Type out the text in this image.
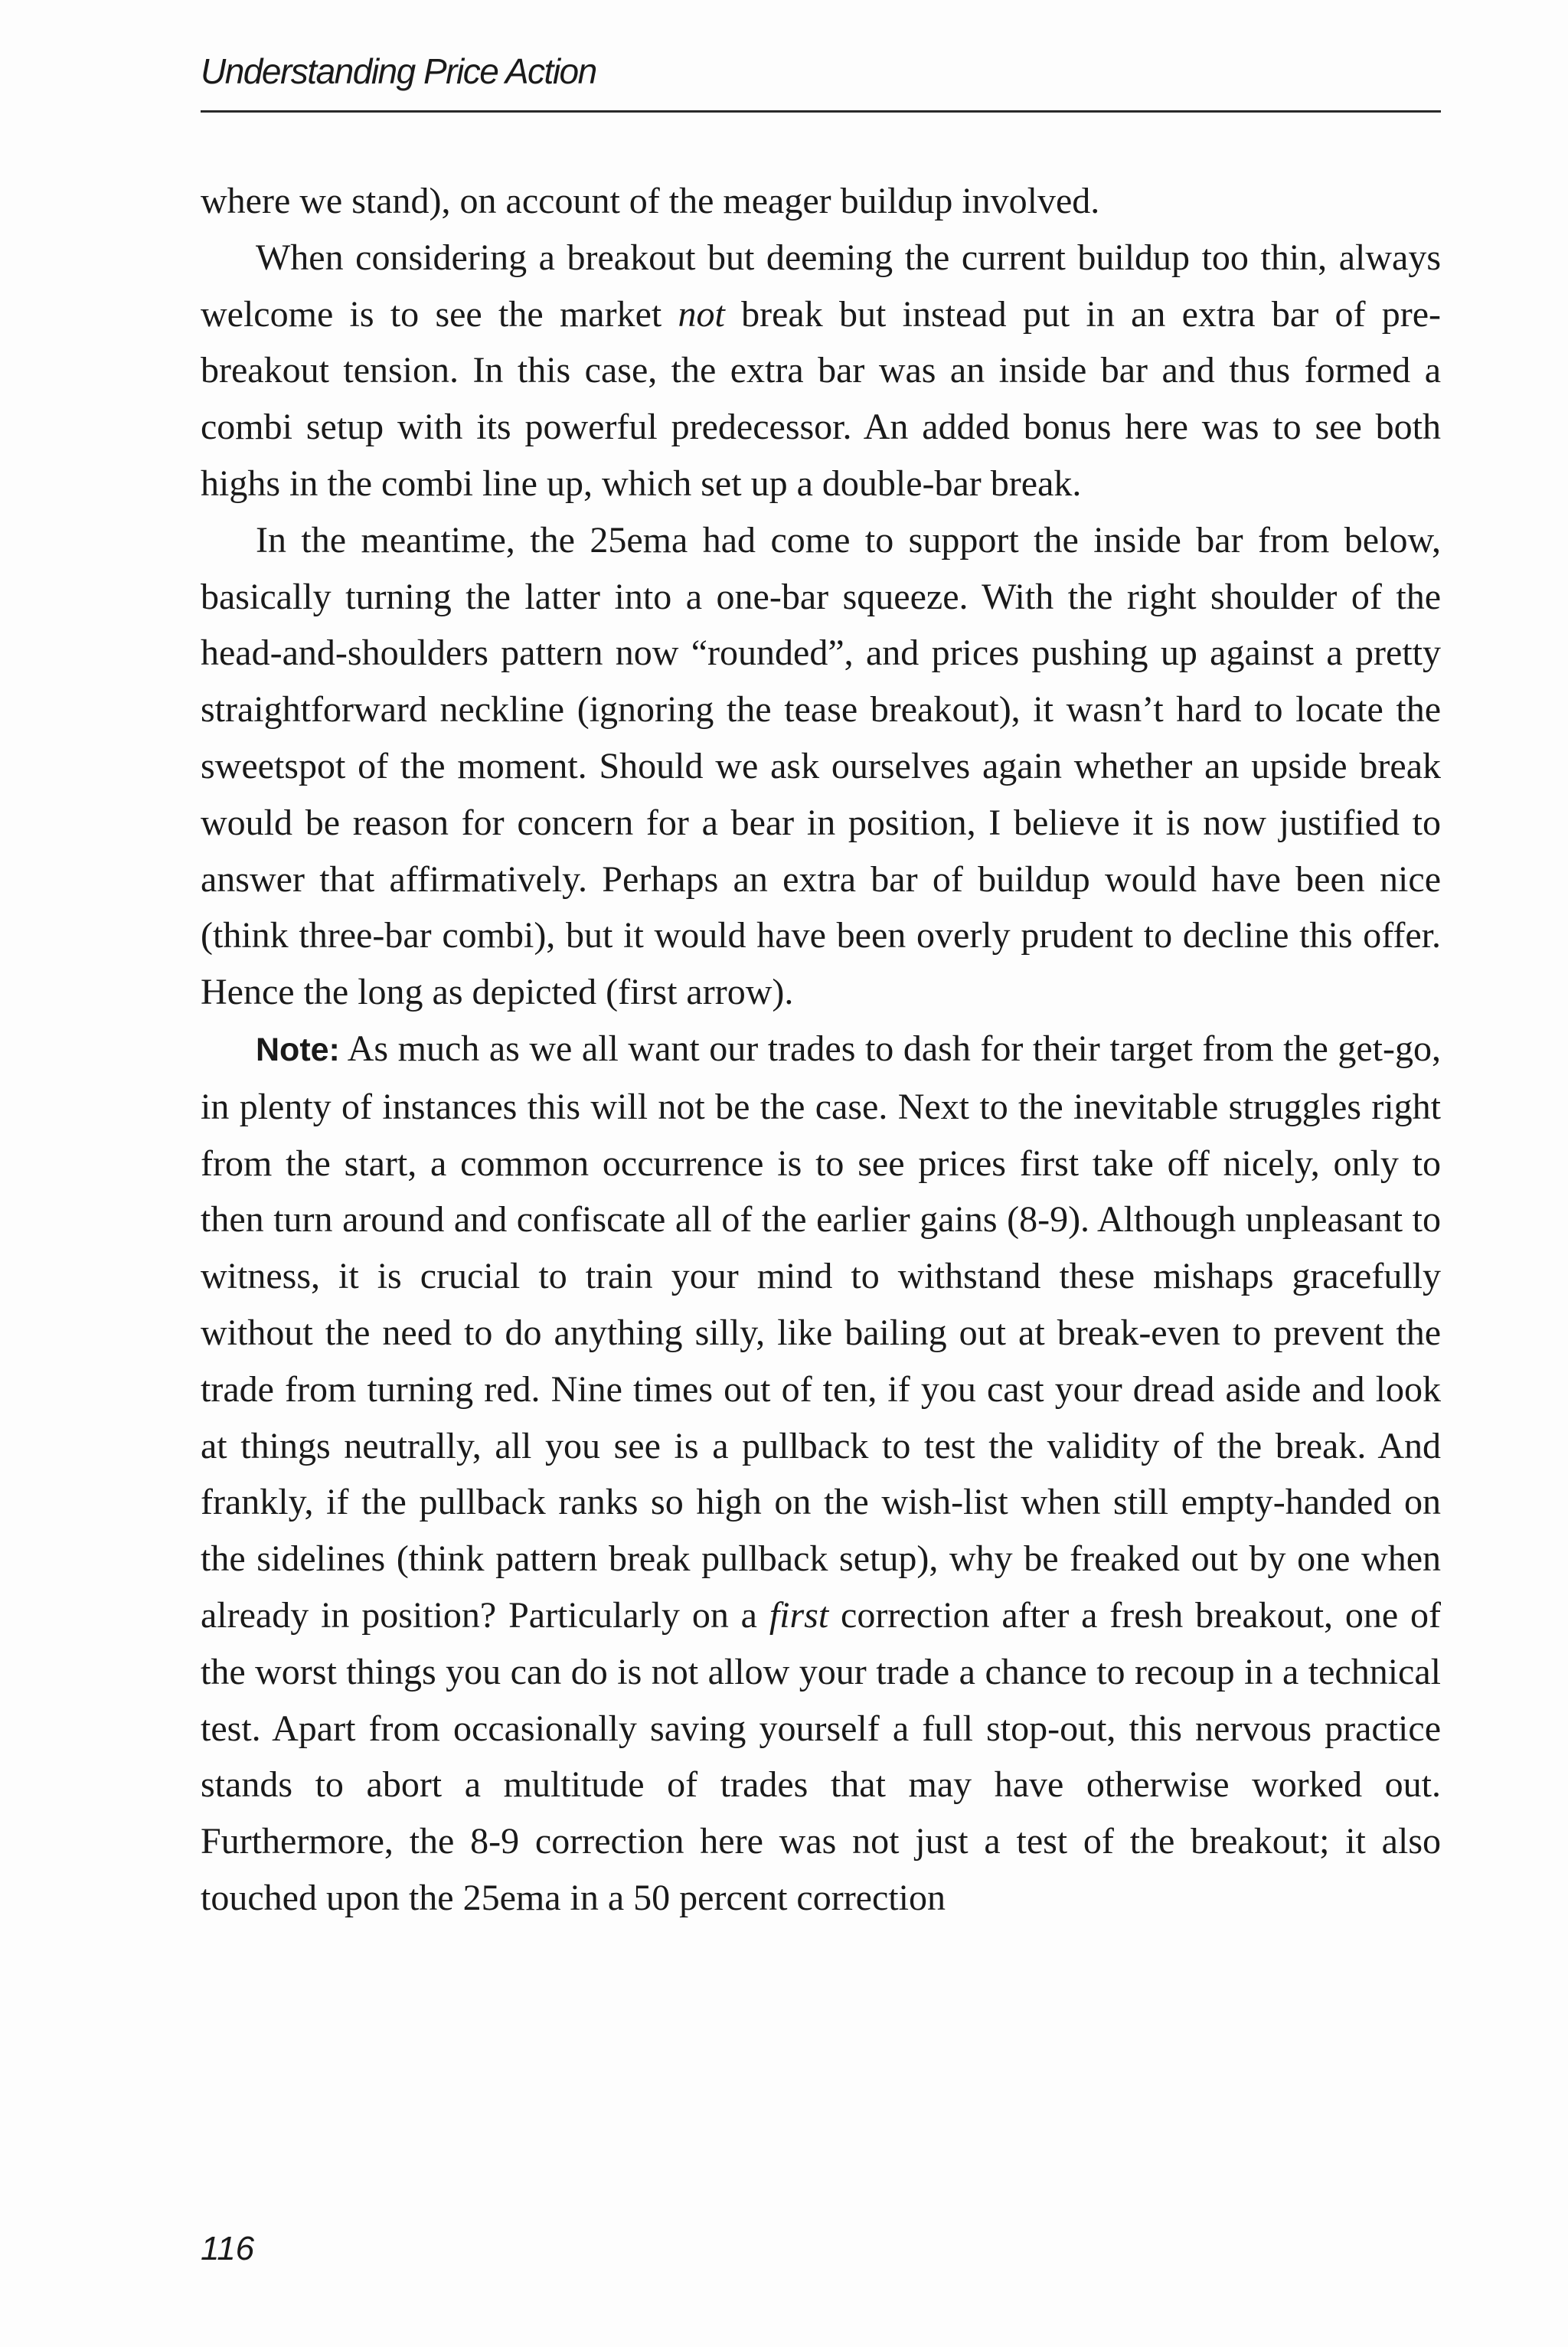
Understanding Price Action

where we stand), on account of the meager buildup involved.

When considering a breakout but deeming the current buildup too thin, always welcome is to see the market not break but instead put in an extra bar of pre-breakout tension. In this case, the extra bar was an inside bar and thus formed a combi setup with its powerful predecessor. An added bonus here was to see both highs in the combi line up, which set up a double-bar break.

In the meantime, the 25ema had come to support the inside bar from below, basically turning the latter into a one-bar squeeze. With the right shoulder of the head-and-shoulders pattern now “rounded”, and prices pushing up against a pretty straightforward neckline (ignoring the tease breakout), it wasn’t hard to locate the sweetspot of the moment. Should we ask ourselves again whether an upside break would be reason for concern for a bear in position, I believe it is now justified to answer that affirmatively. Perhaps an extra bar of buildup would have been nice (think three-bar combi), but it would have been overly prudent to decline this offer. Hence the long as depicted (first arrow).

Note: As much as we all want our trades to dash for their target from the get-go, in plenty of instances this will not be the case. Next to the inevitable struggles right from the start, a common occurrence is to see prices first take off nicely, only to then turn around and confiscate all of the earlier gains (8-9). Although unpleasant to witness, it is crucial to train your mind to withstand these mishaps gracefully without the need to do anything silly, like bailing out at break-even to prevent the trade from turning red. Nine times out of ten, if you cast your dread aside and look at things neutrally, all you see is a pullback to test the validity of the break. And frankly, if the pullback ranks so high on the wish-list when still empty-handed on the sidelines (think pattern break pullback setup), why be freaked out by one when already in position? Particularly on a first correction after a fresh breakout, one of the worst things you can do is not allow your trade a chance to recoup in a technical test. Apart from occasionally saving yourself a full stop-out, this nervous practice stands to abort a multitude of trades that may have otherwise worked out. Furthermore, the 8-9 correction here was not just a test of the breakout; it also touched upon the 25ema in a 50 percent correction

116
